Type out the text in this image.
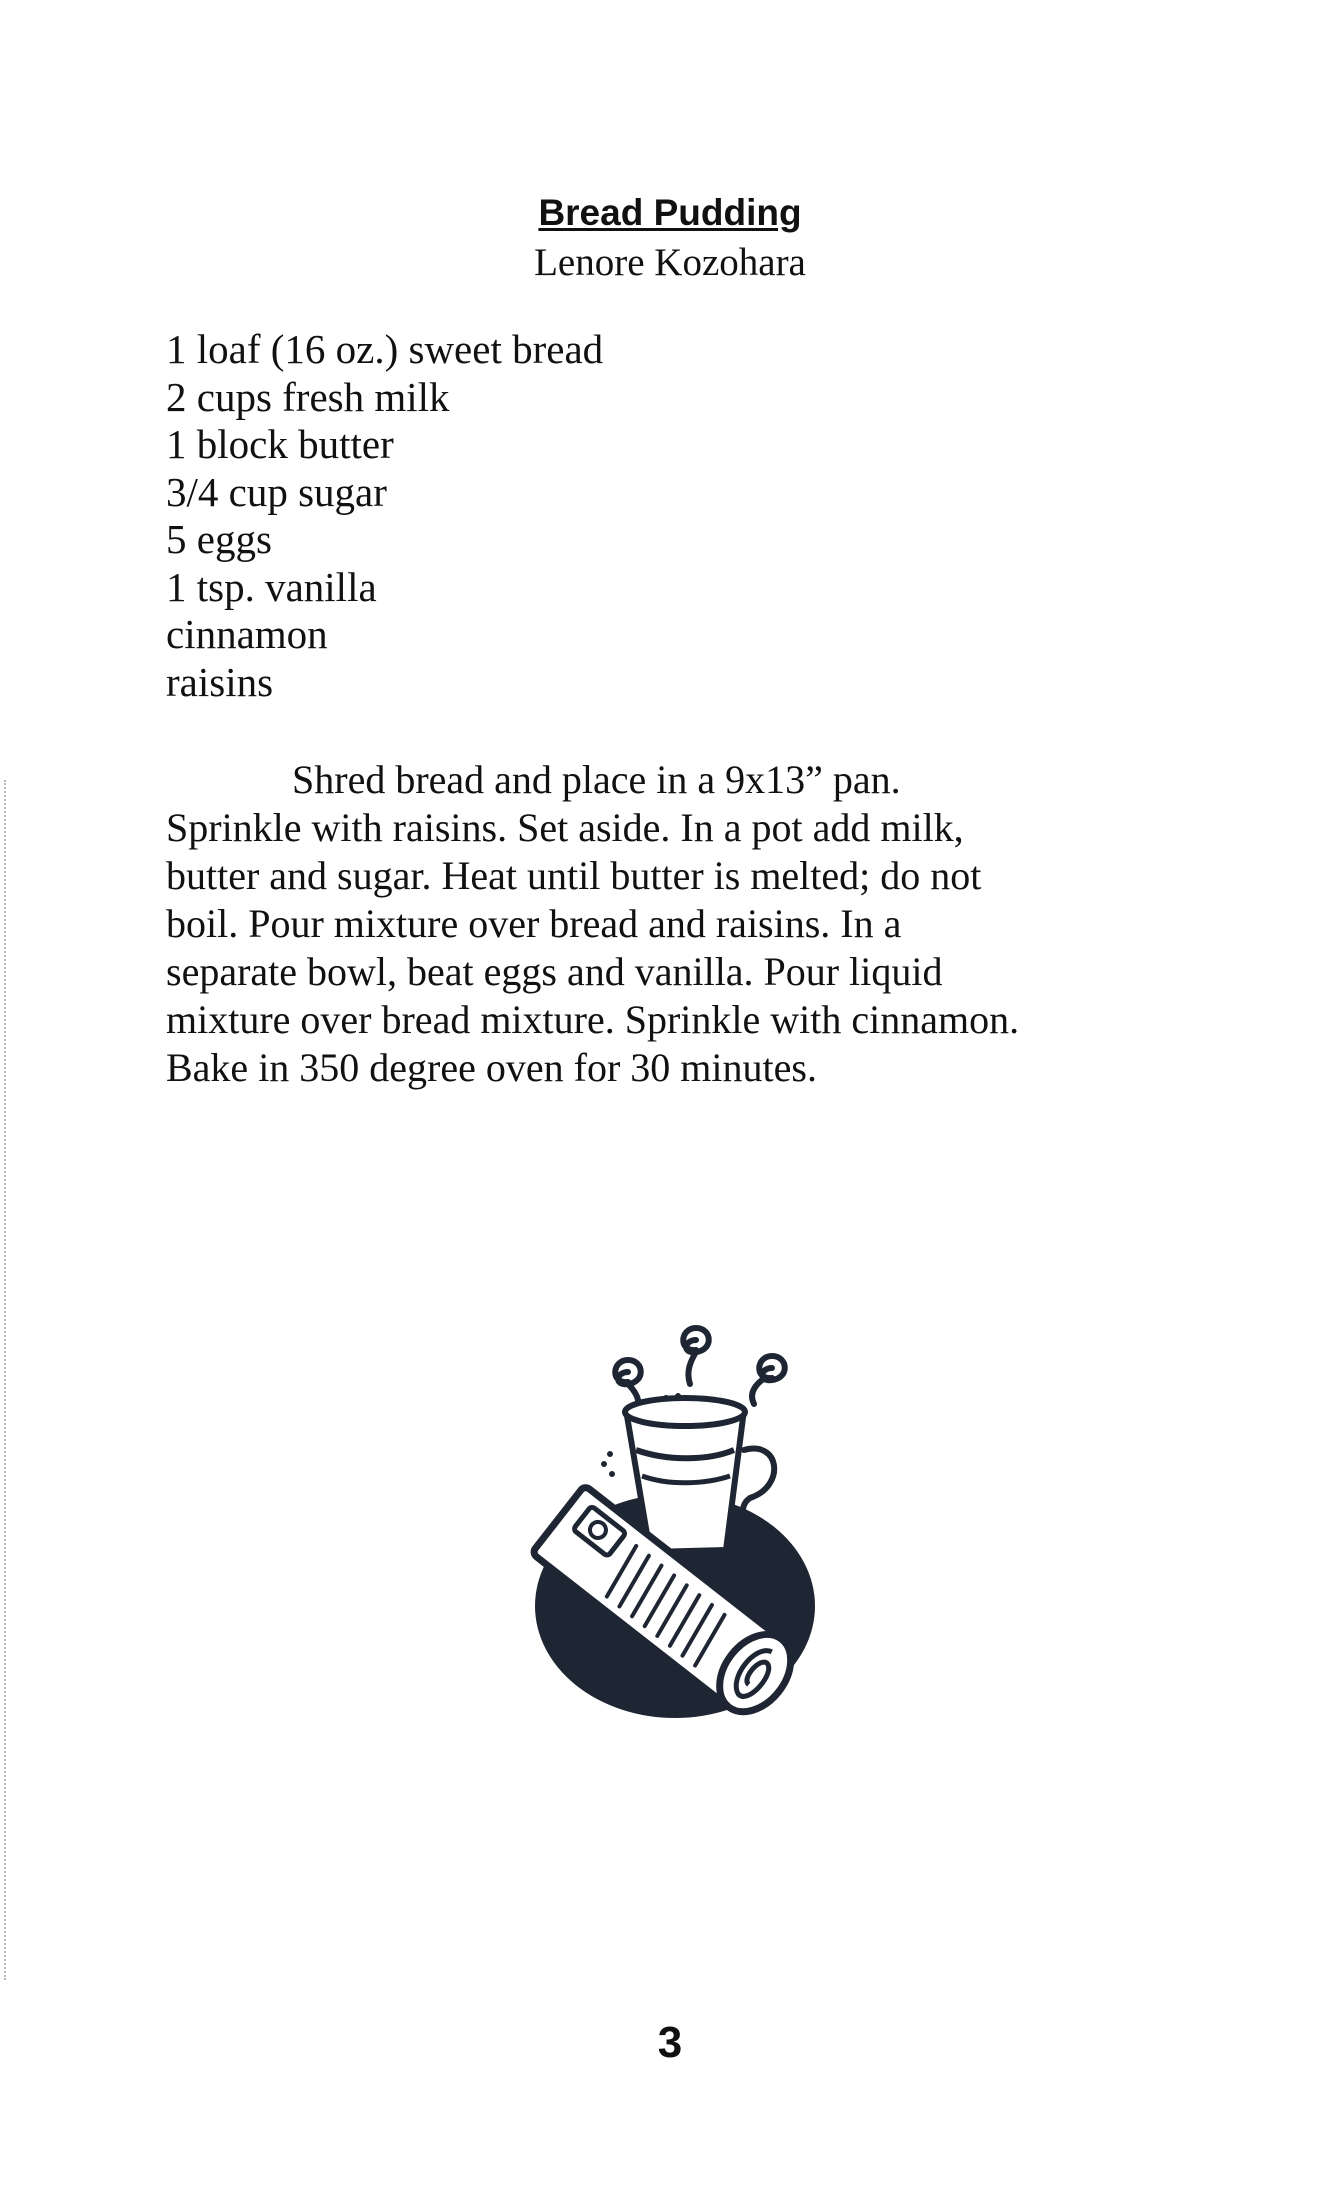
Bread Pudding

Lenore Kozohara

1 loaf (16 oz.) sweet bread
2 cups fresh milk
1 block butter
3/4 cup sugar
5 eggs
1 tsp. vanilla
cinnamon
raisins

Shred bread and place in a 9x13” pan.
Sprinkle with raisins. Set aside. In a pot add milk,
butter and sugar. Heat until butter is melted; do not
boil. Pour mixture over bread and raisins. In a
separate bowl, beat eggs and vanilla. Pour liquid
mixture over bread mixture. Sprinkle with cinnamon.
Bake in 350 degree oven for 30 minutes.

3
